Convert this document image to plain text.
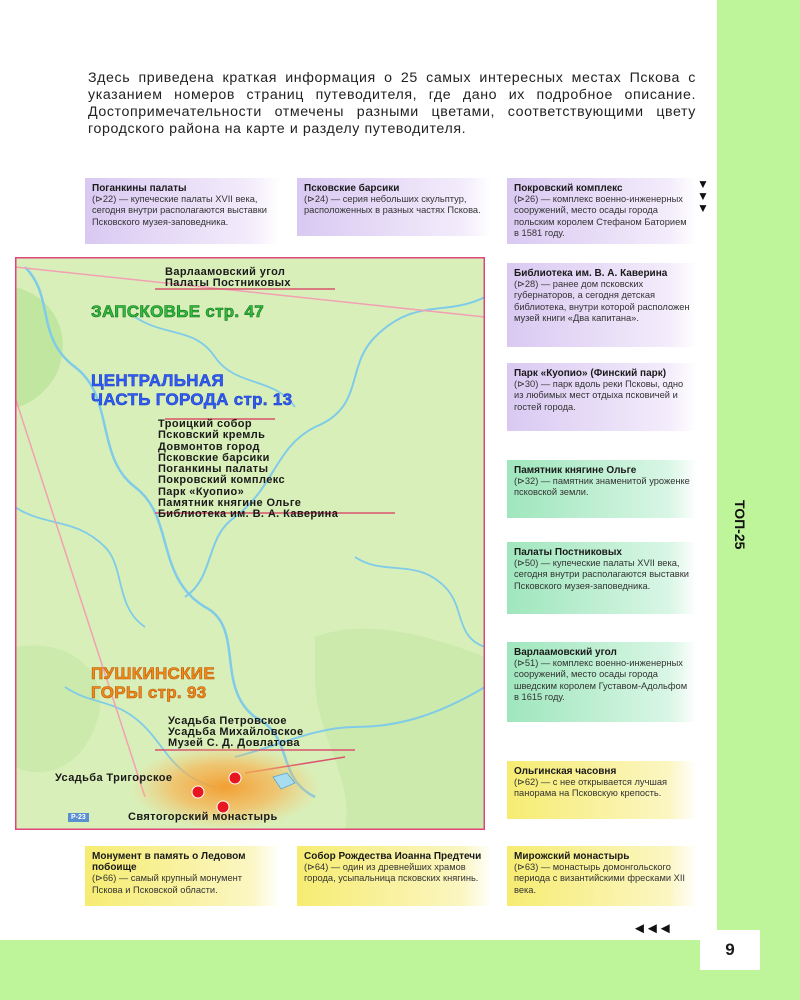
ТОП-25
9
Здесь приведена краткая информация о 25 самых интересных местах Пскова с указанием номеров страниц путеводителя, где дано их подробное описание. Достопримечательности отмечены разными цветами, соответствующими цвету городского района на карте и разделу путеводителя.
▼
▼
▼
◄◄◄
Поганкины палаты
(⊳22) — купеческие палаты XVII века, сегодня внутри располагаются выставки Псковского музея-заповедника.
Псковские барсики
(⊳24) — серия небольших скульптур, расположенных в разных частях Пскова.
Покровский комплекс
(⊳26) — комплекс военно-инженерных сооружений, место осады города польским королем Стефаном Баторием в 1581 году.
Библиотека им. В. А. Каверина
(⊳28) — ранее дом псковских губернаторов, а сегодня детская библиотека, внутри которой расположен музей книги «Два капитана».
Парк «Куопио» (Финский парк)
(⊳30) — парк вдоль реки Псковы, одно из любимых мест отдыха псковичей и гостей города.
Памятник княгине Ольге
(⊳32) — памятник знаменитой уроженке псковской земли.
Палаты Постниковых
(⊳50) — купеческие палаты XVII века, сегодня внутри располагаются выставки Псковского музея-заповедника.
Варлаамовский угол
(⊳51) — комплекс военно-инженерных сооружений, место осады города шведским королем Густавом-Адольфом в 1615 году.
Ольгинская часовня
(⊳62) — с нее открывается лучшая панорама на Псковскую крепость.
Монумент в память о Ледовом побоище
(⊳66) — самый крупный монумент Пскова и Псковской области.
Собор Рождества Иоанна Предтечи
(⊳64) — один из древнейших храмов города, усыпальница псковских княгинь.
Мирожский монастырь
(⊳63) — монастырь домонгольского периода с византийскими фресками XII века.
Варлаамовский угол
Палаты Постниковых
ЗАПСКОВЬЕ стр. 47
ЦЕНТРАЛЬНАЯ
ЧАСТЬ ГОРОДА стр. 13
Троицкий собор
Псковский кремль
Довмонтов город
Псковские барсики
Поганкины палаты
Покровский комплекс
Парк «Куопио»
Памятник княгине Ольге
Библиотека им. В. А. Каверина
ПУШКИНСКИЕ
ГОРЫ стр. 93
Усадьба Петровское
Усадьба Михайловское
Музей С. Д. Довлатова
Усадьба Тригорское
Святогорский монастырь
P-23
